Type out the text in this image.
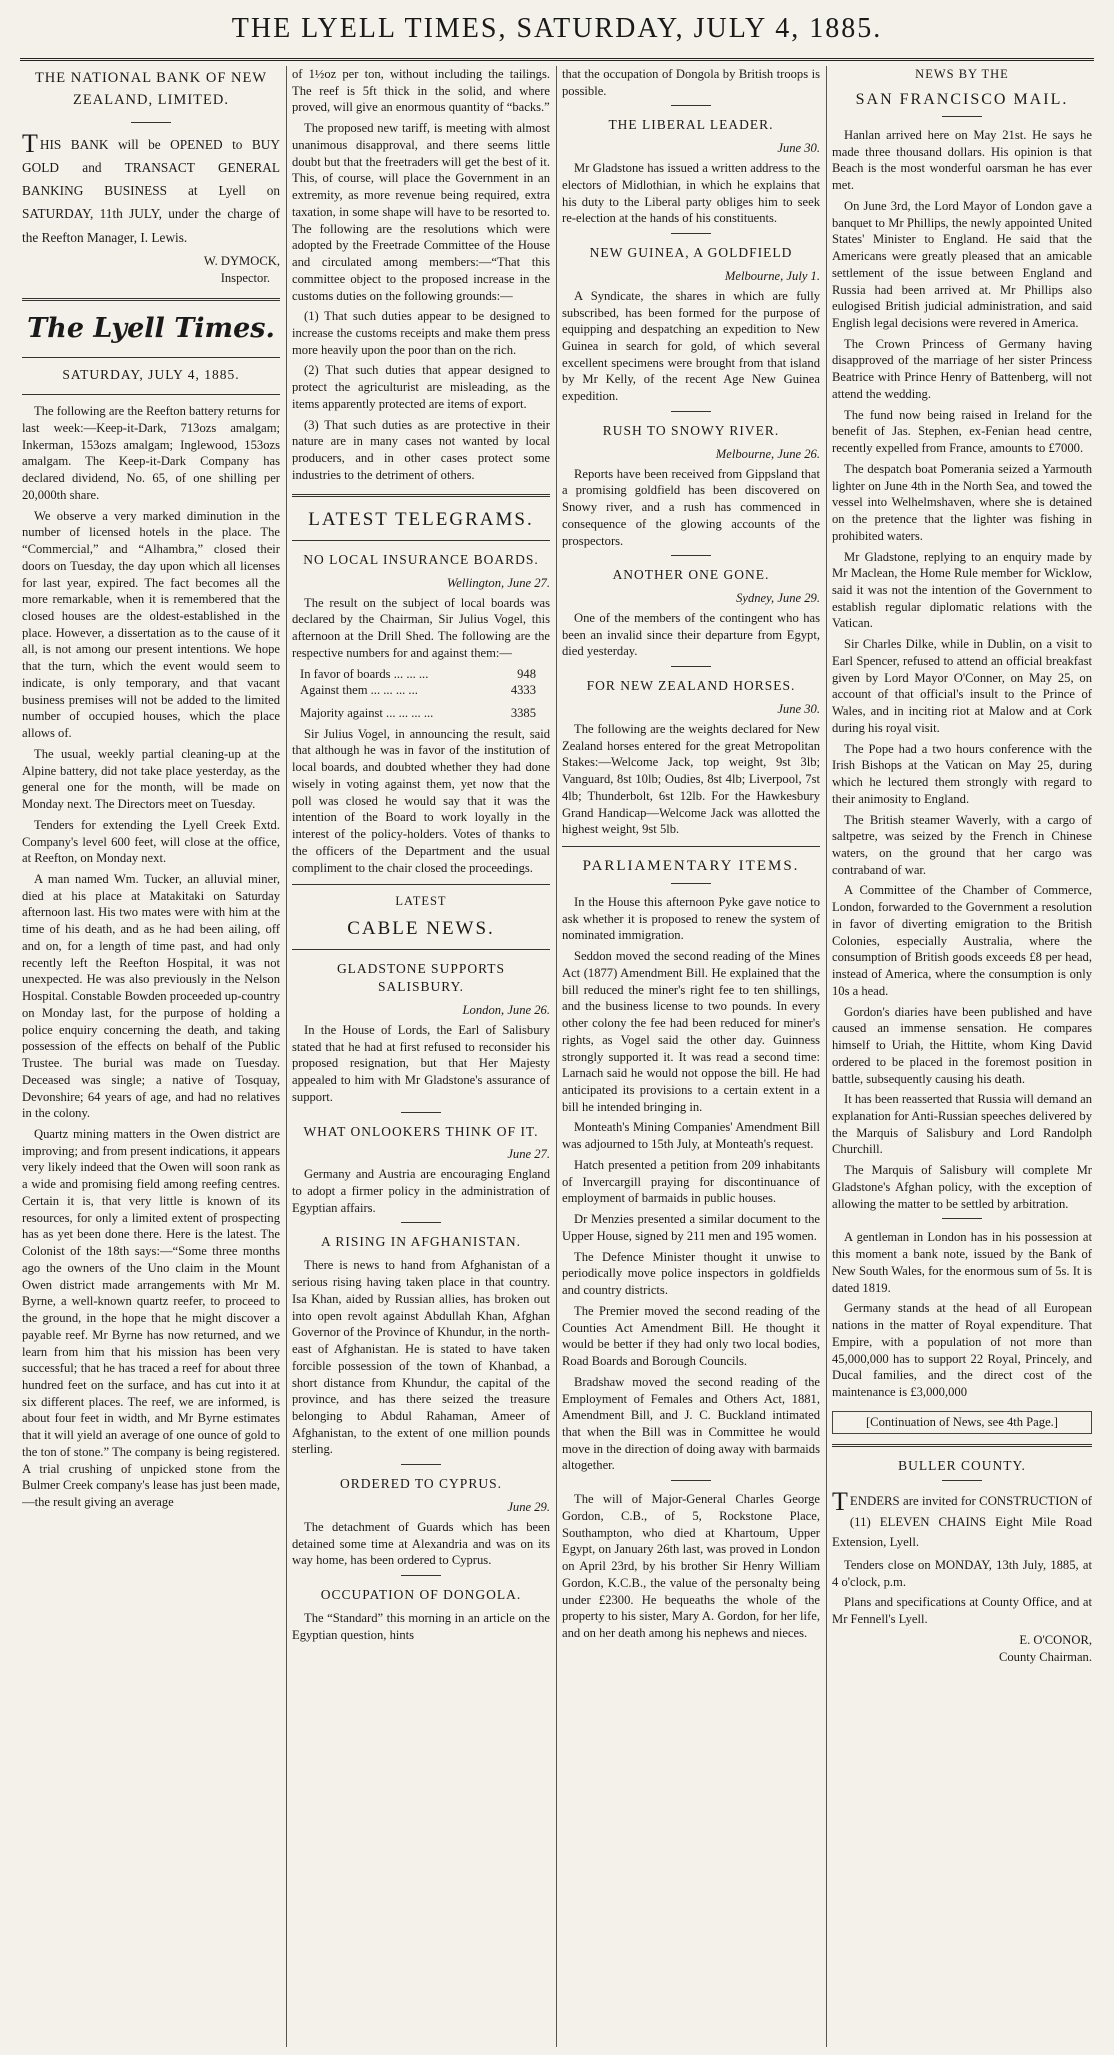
THE LYELL TIMES, SATURDAY, JULY 4, 1885.
THE NATIONAL BANK OF NEW ZEALAND, LIMITED.

THIS BANK will be OPENED to BUY GOLD and TRANSACT GENERAL BANKING BUSINESS at Lyell on SATURDAY, 11th JULY, under the charge of the Reefton Manager, I. Lewis.

W. DYMOCK,

Inspector.

The Lyell Times.
SATURDAY, JULY 4, 1885.

The following are the Reefton battery returns for last week:—Keep-it-Dark, 713ozs amalgam; Inkerman, 153ozs amalgam; Inglewood, 153ozs amalgam. The Keep-it-Dark Company has declared dividend, No. 65, of one shilling per 20,000th share.

We observe a very marked diminution in the number of licensed hotels in the place. The “Commercial,” and “Alhambra,” closed their doors on Tuesday, the day upon which all licenses for last year, expired. The fact becomes all the more remarkable, when it is remembered that the closed houses are the oldest-established in the place. However, a dissertation as to the cause of it all, is not among our present intentions. We hope that the turn, which the event would seem to indicate, is only temporary, and that vacant business premises will not be added to the limited number of occupied houses, which the place allows of.

The usual, weekly partial cleaning-up at the Alpine battery, did not take place yesterday, as the general one for the month, will be made on Monday next. The Directors meet on Tuesday.

Tenders for extending the Lyell Creek Extd. Company's level 600 feet, will close at the office, at Reefton, on Monday next.

A man named Wm. Tucker, an alluvial miner, died at his place at Matakitaki on Saturday afternoon last. His two mates were with him at the time of his death, and as he had been ailing, off and on, for a length of time past, and had only recently left the Reefton Hospital, it was not unexpected. He was also previously in the Nelson Hospital. Constable Bowden proceeded up-country on Monday last, for the purpose of holding a police enquiry concerning the death, and taking possession of the effects on behalf of the Public Trustee. The burial was made on Tuesday. Deceased was single; a native of Tosquay, Devonshire; 64 years of age, and had no relatives in the colony.

Quartz mining matters in the Owen district are improving; and from present indications, it appears very likely indeed that the Owen will soon rank as a wide and promising field among reefing centres. Certain it is, that very little is known of its resources, for only a limited extent of prospecting has as yet been done there. Here is the latest. The Colonist of the 18th says:—“Some three months ago the owners of the Uno claim in the Mount Owen district made arrangements with Mr M. Byrne, a well-known quartz reefer, to proceed to the ground, in the hope that he might discover a payable reef. Mr Byrne has now returned, and we learn from him that his mission has been very successful; that he has traced a reef for about three hundred feet on the surface, and has cut into it at six different places. The reef, we are informed, is about four feet in width, and Mr Byrne estimates that it will yield an average of one ounce of gold to the ton of stone.” The company is being registered. A trial crushing of unpicked stone from the Bulmer Creek company's lease has just been made,—the result giving an average

of 1½oz per ton, without including the tailings. The reef is 5ft thick in the solid, and where proved, will give an enormous quantity of “backs.”

The proposed new tariff, is meeting with almost unanimous disapproval, and there seems little doubt but that the freetraders will get the best of it. This, of course, will place the Government in an extremity, as more revenue being required, extra taxation, in some shape will have to be resorted to. The following are the resolutions which were adopted by the Freetrade Committee of the House and circulated among members:—“That this committee object to the proposed increase in the customs duties on the following grounds:—

(1) That such duties appear to be designed to increase the customs receipts and make them press more heavily upon the poor than on the rich.

(2) That such duties that appear designed to protect the agriculturist are misleading, as the items apparently protected are items of export.

(3) That such duties as are protective in their nature are in many cases not wanted by local producers, and in other cases protect some industries to the detriment of others.

LATEST TELEGRAMS.
NO LOCAL INSURANCE BOARDS.

Wellington, June 27.

The result on the subject of local boards was declared by the Chairman, Sir Julius Vogel, this afternoon at the Drill Shed. The following are the respective numbers for and against them:—

In favor of boards ... ... ...	948
Against them ... ... ... ...	4333
Majority against ... ... ... ...	3385

Sir Julius Vogel, in announcing the result, said that although he was in favor of the institution of local boards, and doubted whether they had done wisely in voting against them, yet now that the poll was closed he would say that it was the intention of the Board to work loyally in the interest of the policy-holders. Votes of thanks to the officers of the Department and the usual compliment to the chair closed the proceedings.

LATEST
CABLE NEWS.
GLADSTONE SUPPORTS SALISBURY.

London, June 26.

In the House of Lords, the Earl of Salisbury stated that he had at first refused to reconsider his proposed resignation, but that Her Majesty appealed to him with Mr Gladstone's assurance of support.

WHAT ONLOOKERS THINK OF IT.

June 27.

Germany and Austria are encouraging England to adopt a firmer policy in the administration of Egyptian affairs.

A RISING IN AFGHANISTAN.

There is news to hand from Afghanistan of a serious rising having taken place in that country. Isa Khan, aided by Russian allies, has broken out into open revolt against Abdullah Khan, Afghan Governor of the Province of Khundur, in the north-east of Afghanistan. He is stated to have taken forcible possession of the town of Khanbad, a short distance from Khundur, the capital of the province, and has there seized the treasure belonging to Abdul Rahaman, Ameer of Afghanistan, to the extent of one million pounds sterling.

ORDERED TO CYPRUS.

June 29.

The detachment of Guards which has been detained some time at Alexandria and was on its way home, has been ordered to Cyprus.

OCCUPATION OF DONGOLA.

The “Standard” this morning in an article on the Egyptian question, hints

that the occupation of Dongola by British troops is possible.

THE LIBERAL LEADER.

June 30.

Mr Gladstone has issued a written address to the electors of Midlothian, in which he explains that his duty to the Liberal party obliges him to seek re-election at the hands of his constituents.

NEW GUINEA, A GOLDFIELD

Melbourne, July 1.

A Syndicate, the shares in which are fully subscribed, has been formed for the purpose of equipping and despatching an expedition to New Guinea in search for gold, of which several excellent specimens were brought from that island by Mr Kelly, of the recent Age New Guinea expedition.

RUSH TO SNOWY RIVER.

Melbourne, June 26.

Reports have been received from Gippsland that a promising goldfield has been discovered on Snowy river, and a rush has commenced in consequence of the glowing accounts of the prospectors.

ANOTHER ONE GONE.

Sydney, June 29.

One of the members of the contingent who has been an invalid since their departure from Egypt, died yesterday.

FOR NEW ZEALAND HORSES.

June 30.

The following are the weights declared for New Zealand horses entered for the great Metropolitan Stakes:—Welcome Jack, top weight, 9st 3lb; Vanguard, 8st 10lb; Oudies, 8st 4lb; Liverpool, 7st 4lb; Thunderbolt, 6st 12lb. For the Hawkesbury Grand Handicap—Welcome Jack was allotted the highest weight, 9st 5lb.

PARLIAMENTARY ITEMS.

In the House this afternoon Pyke gave notice to ask whether it is proposed to renew the system of nominated immigration.

Seddon moved the second reading of the Mines Act (1877) Amendment Bill. He explained that the bill reduced the miner's right fee to ten shillings, and the business license to two pounds. In every other colony the fee had been reduced for miner's rights, as Vogel said the other day. Guinness strongly supported it. It was read a second time: Larnach said he would not oppose the bill. He had anticipated its provisions to a certain extent in a bill he intended bringing in.

Monteath's Mining Companies' Amendment Bill was adjourned to 15th July, at Monteath's request.

Hatch presented a petition from 209 inhabitants of Invercargill praying for discontinuance of employment of barmaids in public houses.

Dr Menzies presented a similar document to the Upper House, signed by 211 men and 195 women.

The Defence Minister thought it unwise to periodically move police inspectors in goldfields and country districts.

The Premier moved the second reading of the Counties Act Amendment Bill. He thought it would be better if they had only two local bodies, Road Boards and Borough Councils.

Bradshaw moved the second reading of the Employment of Females and Others Act, 1881, Amendment Bill, and J. C. Buckland intimated that when the Bill was in Committee he would move in the direction of doing away with barmaids altogether.

The will of Major-General Charles George Gordon, C.B., of 5, Rockstone Place, Southampton, who died at Khartoum, Upper Egypt, on January 26th last, was proved in London on April 23rd, by his brother Sir Henry William Gordon, K.C.B., the value of the personalty being under £2300. He bequeaths the whole of the property to his sister, Mary A. Gordon, for her life, and on her death among his nephews and nieces.

NEWS BY THE
SAN FRANCISCO MAIL.

Hanlan arrived here on May 21st. He says he made three thousand dollars. His opinion is that Beach is the most wonderful oarsman he has ever met.

On June 3rd, the Lord Mayor of London gave a banquet to Mr Phillips, the newly appointed United States' Minister to England. He said that the Americans were greatly pleased that an amicable settlement of the issue between England and Russia had been arrived at. Mr Phillips also eulogised British judicial administration, and said English legal decisions were revered in America.

The Crown Princess of Germany having disapproved of the marriage of her sister Princess Beatrice with Prince Henry of Battenberg, will not attend the wedding.

The fund now being raised in Ireland for the benefit of Jas. Stephen, ex-Fenian head centre, recently expelled from France, amounts to £7000.

The despatch boat Pomerania seized a Yarmouth lighter on June 4th in the North Sea, and towed the vessel into Welhelmshaven, where she is detained on the pretence that the lighter was fishing in prohibited waters.

Mr Gladstone, replying to an enquiry made by Mr Maclean, the Home Rule member for Wicklow, said it was not the intention of the Government to establish regular diplomatic relations with the Vatican.

Sir Charles Dilke, while in Dublin, on a visit to Earl Spencer, refused to attend an official breakfast given by Lord Mayor O'Conner, on May 25, on account of that official's insult to the Prince of Wales, and in inciting riot at Malow and at Cork during his royal visit.

The Pope had a two hours conference with the Irish Bishops at the Vatican on May 25, during which he lectured them strongly with regard to their animosity to England.

The British steamer Waverly, with a cargo of saltpetre, was seized by the French in Chinese waters, on the ground that her cargo was contraband of war.

A Committee of the Chamber of Commerce, London, forwarded to the Government a resolution in favor of diverting emigration to the British Colonies, especially Australia, where the consumption of British goods exceeds £8 per head, instead of America, where the consumption is only 10s a head.

Gordon's diaries have been published and have caused an immense sensation. He compares himself to Uriah, the Hittite, whom King David ordered to be placed in the foremost position in battle, subsequently causing his death.

It has been reasserted that Russia will demand an explanation for Anti-Russian speeches delivered by the Marquis of Salisbury and Lord Randolph Churchill.

The Marquis of Salisbury will complete Mr Gladstone's Afghan policy, with the exception of allowing the matter to be settled by arbitration.

A gentleman in London has in his possession at this moment a bank note, issued by the Bank of New South Wales, for the enormous sum of 5s. It is dated 1819.

Germany stands at the head of all European nations in the matter of Royal expenditure. That Empire, with a population of not more than 45,000,000 has to support 22 Royal, Princely, and Ducal families, and the direct cost of the maintenance is £3,000,000

[Continuation of News, see 4th Page.]
BULLER COUNTY.

TENDERS are invited for CONSTRUCTION of (11) ELEVEN CHAINS Eight Mile Road Extension, Lyell.

Tenders close on MONDAY, 13th July, 1885, at 4 o'clock, p.m.

Plans and specifications at County Office, and at Mr Fennell's Lyell.

E. O'CONOR,

County Chairman.
